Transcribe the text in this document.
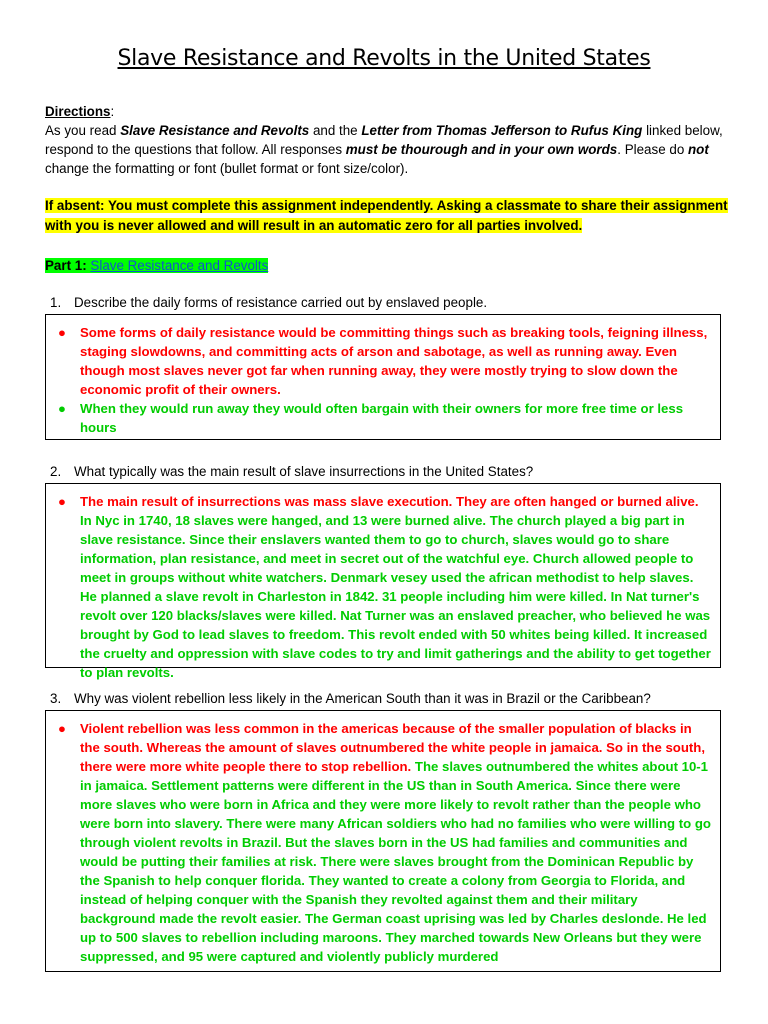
Slave Resistance and Revolts in the United States
Directions:
As you read Slave Resistance and Revolts and the Letter from Thomas Jefferson to Rufus King linked below, respond to the questions that follow. All responses must be thourough and in your own words. Please do not change the formatting or font (bullet format or font size/color).
If absent: You must complete this assignment independently. Asking a classmate to share their assignment with you is never allowed and will result in an automatic zero for all parties involved.
Part 1: Slave Resistance and Revolts
1. Describe the daily forms of resistance carried out by enslaved people.
● Some forms of daily resistance would be committing things such as breaking tools, feigning illness, staging slowdowns, and committing acts of arson and sabotage, as well as running away. Even though most slaves never got far when running away, they were mostly trying to slow down the economic profit of their owners.
● When they would run away they would often bargain with their owners for more free time or less hours
2. What typically was the main result of slave insurrections in the United States?
● The main result of insurrections was mass slave execution. They are often hanged or burned alive. In Nyc in 1740, 18 slaves were hanged, and 13 were burned alive. The church played a big part in slave resistance. Since their enslavers wanted them to go to church, slaves would go to share information, plan resistance, and meet in secret out of the watchful eye. Church allowed people to meet in groups without white watchers. Denmark vesey used the african methodist to help slaves. He planned a slave revolt in Charleston in 1842. 31 people including him were killed. In Nat turner's revolt over 120 blacks/slaves were killed. Nat Turner was an enslaved preacher, who believed he was brought by God to lead slaves to freedom. This revolt ended with 50 whites being killed. It increased the cruelty and oppression with slave codes to try and limit gatherings and the ability to get together to plan revolts.
3. Why was violent rebellion less likely in the American South than it was in Brazil or the Caribbean?
● Violent rebellion was less common in the americas because of the smaller population of blacks in the south. Whereas the amount of slaves outnumbered the white people in jamaica. So in the south, there were more white people there to stop rebellion. The slaves outnumbered the whites about 10-1 in jamaica. Settlement patterns were different in the US than in South America. Since there were more slaves who were born in Africa and they were more likely to revolt rather than the people who were born into slavery. There were many African soldiers who had no families who were willing to go through violent revolts in Brazil. But the slaves born in the US had families and communities and would be putting their families at risk. There were slaves brought from the Dominican Republic by the Spanish to help conquer florida. They wanted to create a colony from Georgia to Florida, and instead of helping conquer with the Spanish they revolted against them and their military background made the revolt easier. The German coast uprising was led by Charles deslonde. He led up to 500 slaves to rebellion including maroons. They marched towards New Orleans but they were suppressed, and 95 were captured and violently publicly murdered
